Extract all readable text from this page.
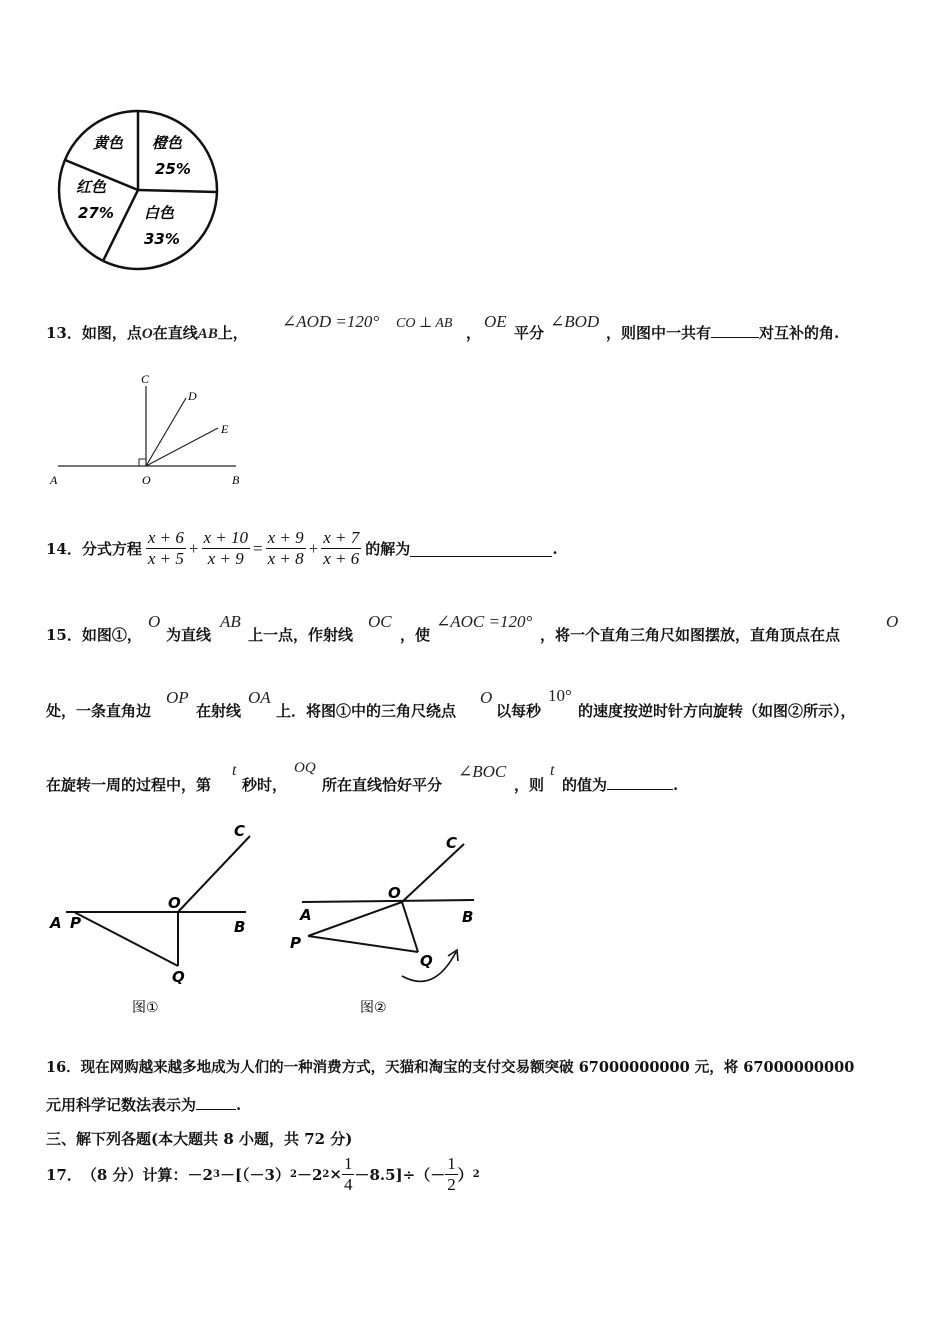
黄色 橙色
25%
白色
33%
红色
27%
13．如图，点O在直线AB上，
∠AOD =120° CO ⊥ AB
，
OE
平分
∠BOD
，则图中一共有	对互补的角.
A	O	B
C
D
E
14． 分式方程 $\frac{x + 6}{x + 5} + \frac{x + 10}{x + 9} = \frac{x + 9}{x + 8} + \frac{x + 7}{x + 6}$ 的解为	.
15．如图①，
O
为直线
AB
上一点，作射线
OC
，使
∠AOC =120°
，将一个直角三角尺如图摆放，直角顶点在点
O
处，一条直角边
OP
在射线
OA
上．将图①中的三角尺绕点
O
以每秒
10°
的速度按逆时针方向旋转（如图②所示），
在旋转一周的过程中，第
t
秒时，
OQ
所在直线恰好平分
∠BOC
，则
t
的值为	.
A P
O
B
C
Q
图①
A
O
B
C
P
Q
图②
16．现在网购越来越多地成为人们的一种消费方式，天猫和淘宝的支付交易额突破 67000000000 元，将 67000000000
元用科学记数法表示为	.
三、解下列各题(本大题共 8 小题，共 72 分)
17． （8 分）计算： －2 3 －[（－3） 2 －2 $2 \times \frac{1}{4} -8.5]\div(- \frac{1}{2}$ ） 2
